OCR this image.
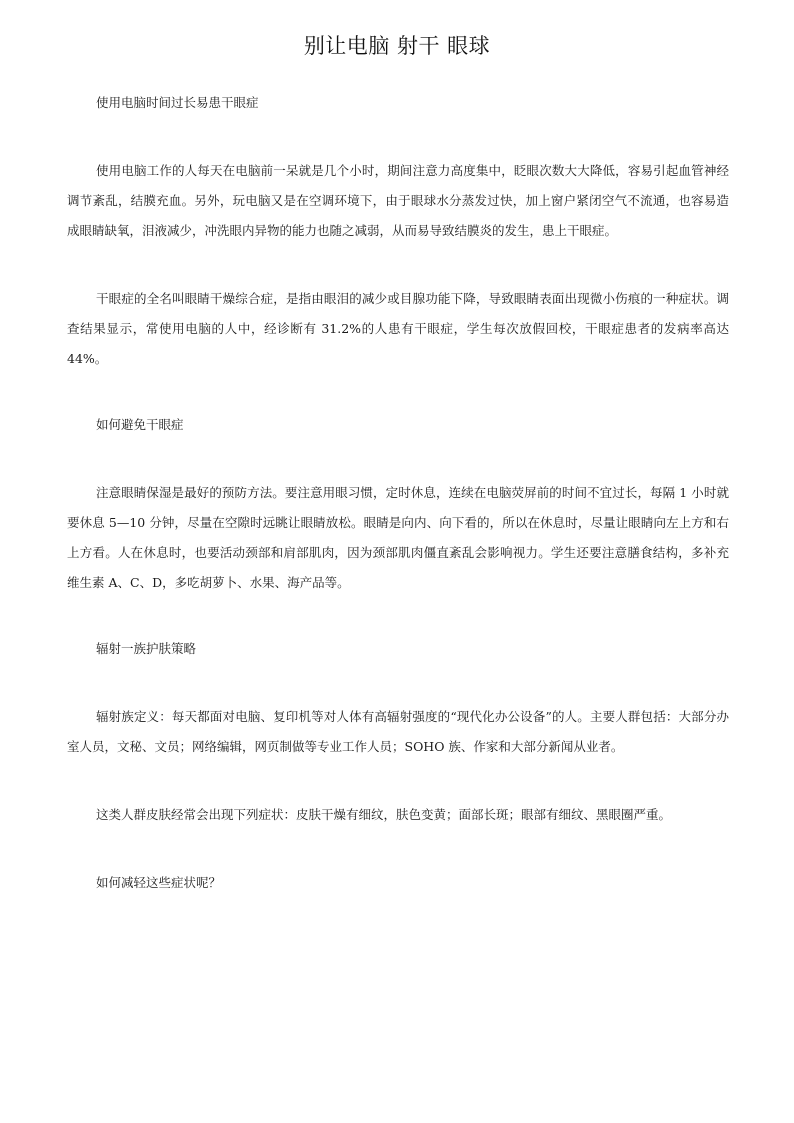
别让电脑 射干 眼球

使用电脑时间过长易患干眼症

使用电脑工作的人每天在电脑前一呆就是几个小时，期间注意力高度集中，眨眼次数大大降低，容易引起血管神经调节紊乱，结膜充血。另外，玩电脑又是在空调环境下，由于眼球水分蒸发过快，加上窗户紧闭空气不流通，也容易造成眼睛缺氧，泪液减少，冲洗眼内异物的能力也随之减弱，从而易导致结膜炎的发生，患上干眼症。

干眼症的全名叫眼睛干燥综合症，是指由眼泪的减少或目腺功能下降，导致眼睛表面出现微小伤痕的一种症状。调查结果显示，常使用电脑的人中，经诊断有 31.2%的人患有干眼症，学生每次放假回校，干眼症患者的发病率高达 44%。

如何避免干眼症

注意眼睛保湿是最好的预防方法。要注意用眼习惯，定时休息，连续在电脑荧屏前的时间不宜过长，每隔 1 小时就要休息 5—10 分钟，尽量在空隙时远眺让眼睛放松。眼睛是向内、向下看的，所以在休息时，尽量让眼睛向左上方和右上方看。人在休息时，也要活动颈部和肩部肌肉，因为颈部肌肉僵直紊乱会影响视力。学生还要注意膳食结构，多补充维生素 A、C、D，多吃胡萝卜、水果、海产品等。

辐射一族护肤策略

辐射族定义：每天都面对电脑、复印机等对人体有高辐射强度的“现代化办公设备”的人。主要人群包括：大部分办室人员，文秘、文员；网络编辑，网页制做等专业工作人员；SOHO 族、作家和大部分新闻从业者。

这类人群皮肤经常会出现下列症状：皮肤干燥有细纹，肤色变黄；面部长斑；眼部有细纹、黑眼圈严重。

如何减轻这些症状呢？
